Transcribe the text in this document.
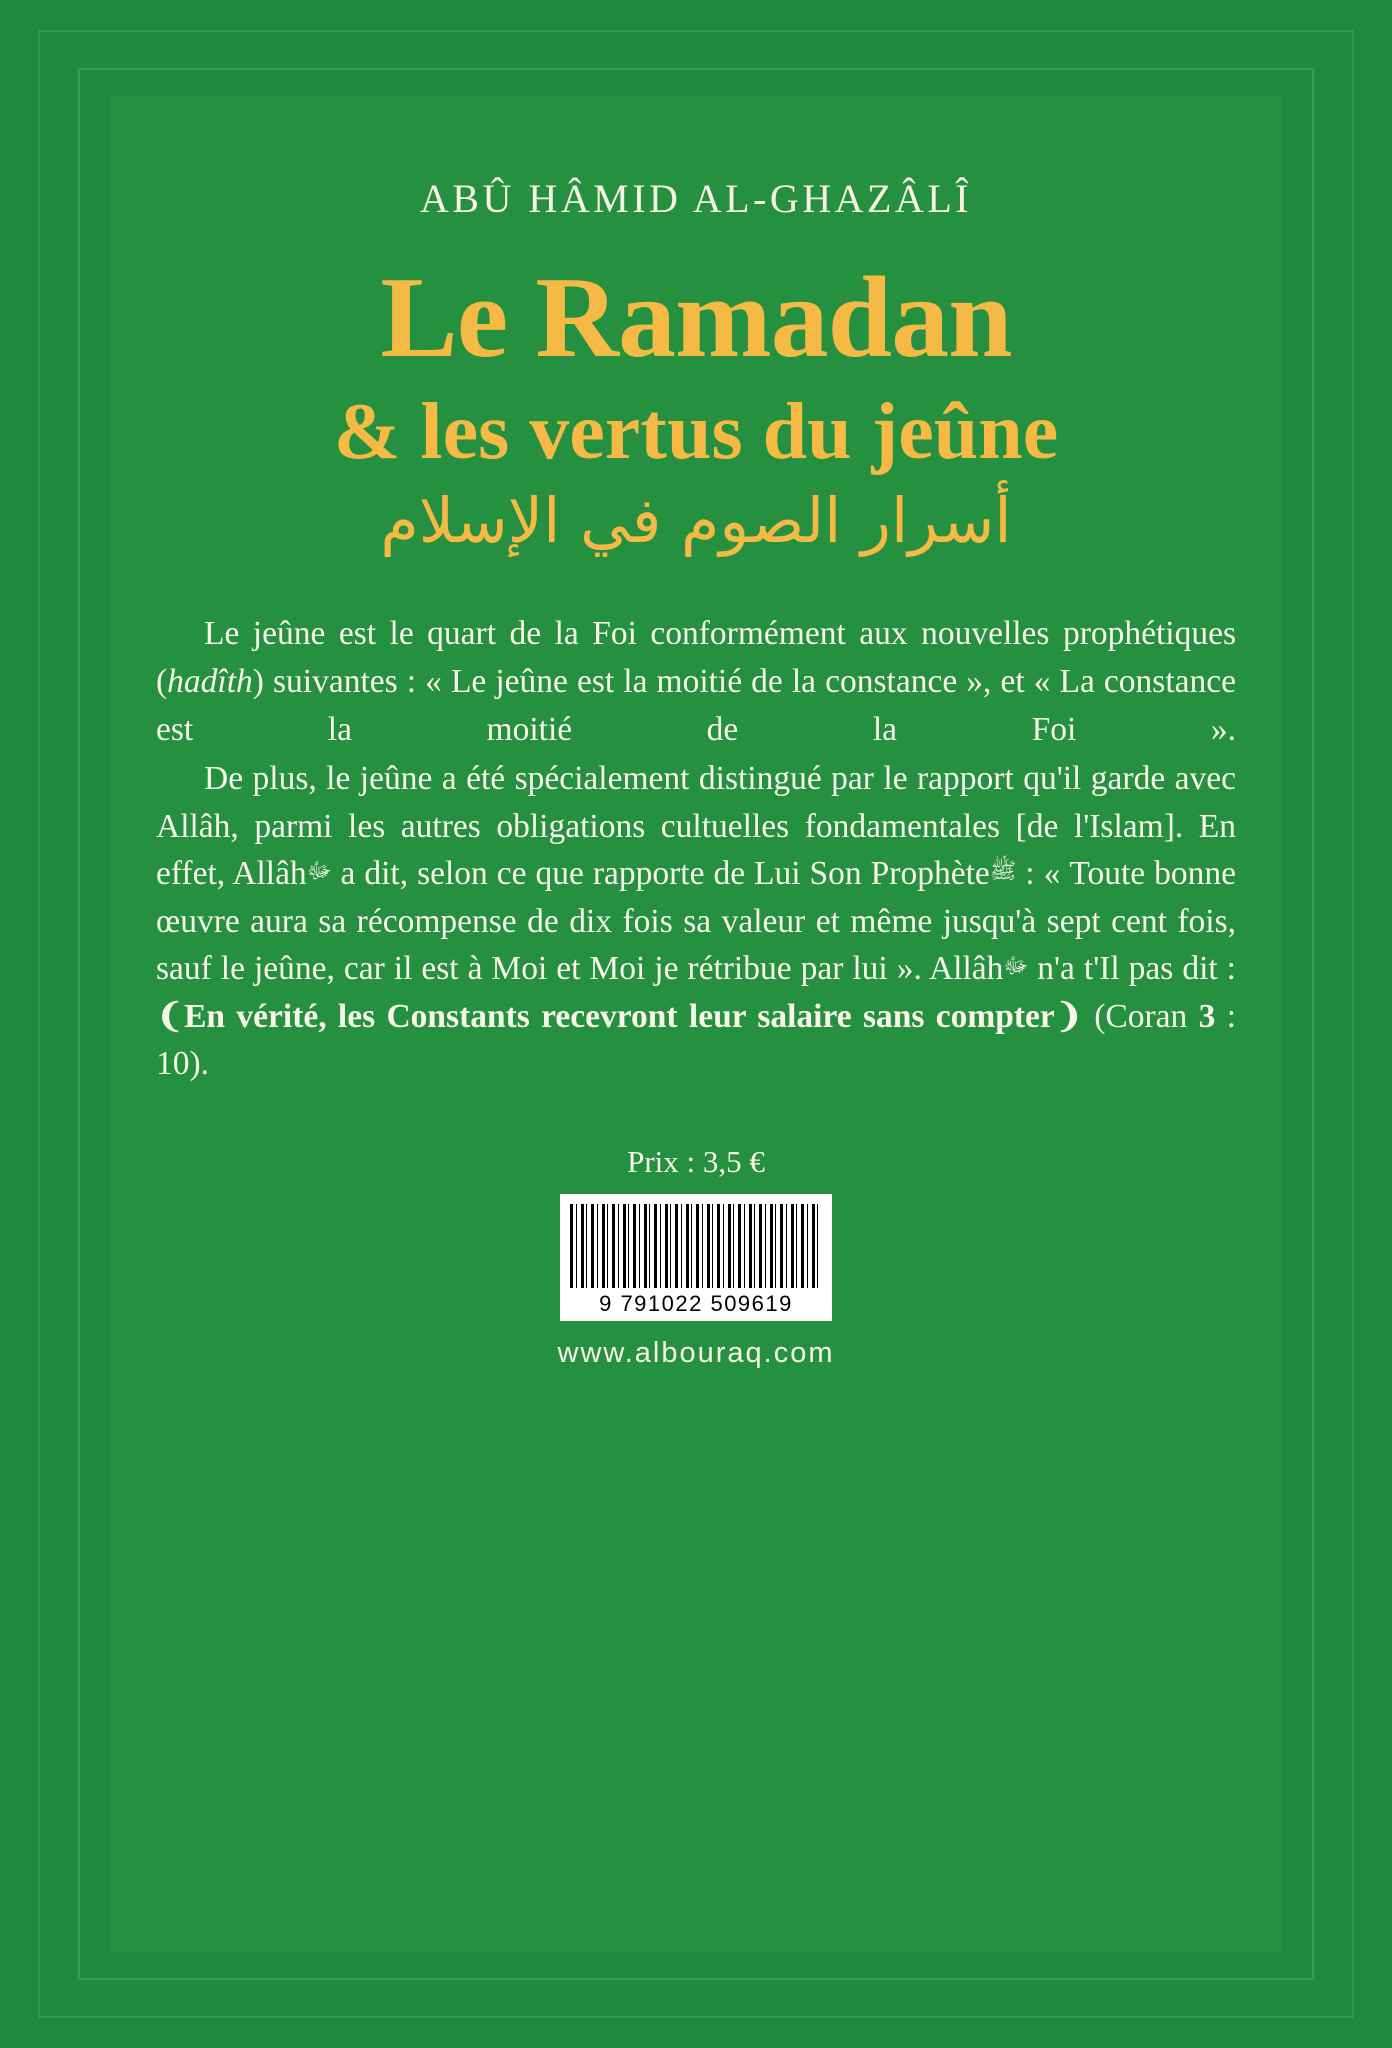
ABÛ HÂMID AL-GHAZÂLÎ
Le Ramadan
& les vertus du jeûne
أسرار الصوم في الإسلام

Le jeûne est le quart de la Foi conformément aux nouvelles prophétiques (hadîth) suivantes : « Le jeûne est la moitié de la constance », et « La constance est la moitié de la Foi ».

De plus, le jeûne a été spécialement distingué par le rapport qu'il garde avec Allâh, parmi les autres obligations cultuelles fondamentales [de l'Islam]. En effet, Allâhﷻ a dit, selon ce que rapporte de Lui Son Prophèteﷺ : « Toute bonne œuvre aura sa récompense de dix fois sa valeur et même jusqu'à sept cent fois, sauf le jeûne, car il est à Moi et Moi je rétribue par lui ». Allâhﷻ n'a t'Il pas dit : ❨En vérité, les Constants recevront leur salaire sans compter❩ (Coran 3 : 10).

Prix : 3,5 €
9 791022 509619
www.albouraq.com
